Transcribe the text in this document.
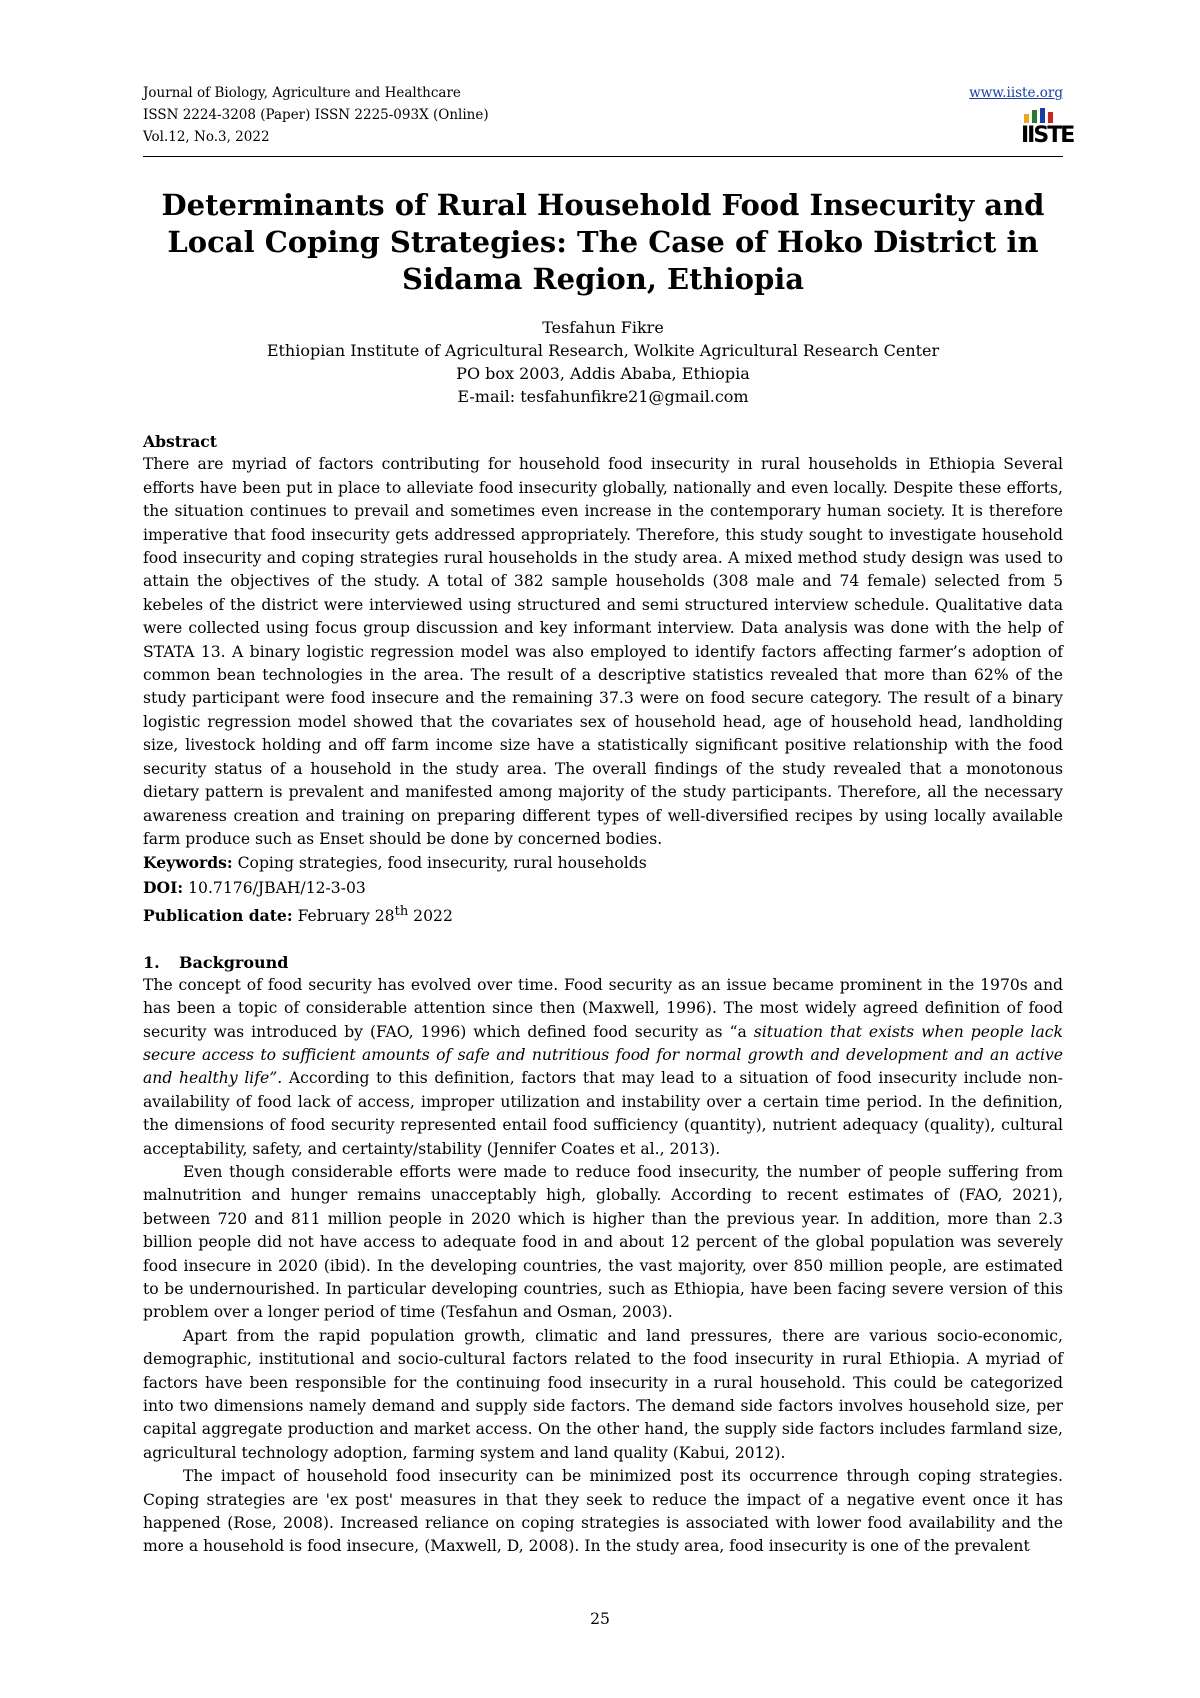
Journal of Biology, Agriculture and Healthcare
ISSN 2224-3208 (Paper) ISSN 2225-093X (Online)
Vol.12, No.3, 2022
www.iiste.org
IISTE
Determinants of Rural Household Food Insecurity and Local Coping Strategies: The Case of Hoko District in Sidama Region, Ethiopia
Tesfahun Fikre
Ethiopian Institute of Agricultural Research, Wolkite Agricultural Research Center
PO box 2003, Addis Ababa, Ethiopia
E-mail: tesfahunfikre21@gmail.com
Abstract
There are myriad of factors contributing for household food insecurity in rural households in Ethiopia Several efforts have been put in place to alleviate food insecurity globally, nationally and even locally. Despite these efforts, the situation continues to prevail and sometimes even increase in the contemporary human society. It is therefore imperative that food insecurity gets addressed appropriately. Therefore, this study sought to investigate household food insecurity and coping strategies rural households in the study area. A mixed method study design was used to attain the objectives of the study. A total of 382 sample households (308 male and 74 female) selected from 5 kebeles of the district were interviewed using structured and semi structured interview schedule. Qualitative data were collected using focus group discussion and key informant interview. Data analysis was done with the help of STATA 13. A binary logistic regression model was also employed to identify factors affecting farmer’s adoption of common bean technologies in the area. The result of a descriptive statistics revealed that more than 62% of the study participant were food insecure and the remaining 37.3 were on food secure category. The result of a binary logistic regression model showed that the covariates sex of household head, age of household head, landholding size, livestock holding and off farm income size have a statistically significant positive relationship with the food security status of a household in the study area. The overall findings of the study revealed that a monotonous dietary pattern is prevalent and manifested among majority of the study participants. Therefore, all the necessary awareness creation and training on preparing different types of well-diversified recipes by using locally available farm produce such as Enset should be done by concerned bodies.
Keywords: Coping strategies, food insecurity, rural households
DOI: 10.7176/JBAH/12-3-03
Publication date: February 28th 2022
1. Background

The concept of food security has evolved over time. Food security as an issue became prominent in the 1970s and has been a topic of considerable attention since then (Maxwell, 1996). The most widely agreed definition of food security was introduced by (FAO, 1996) which defined food security as “a situation that exists when people lack secure access to sufficient amounts of safe and nutritious food for normal growth and development and an active and healthy life”. According to this definition, factors that may lead to a situation of food insecurity include non-availability of food lack of access, improper utilization and instability over a certain time period. In the definition, the dimensions of food security represented entail food sufficiency (quantity), nutrient adequacy (quality), cultural acceptability, safety, and certainty/stability (Jennifer Coates et al., 2013).

Even though considerable efforts were made to reduce food insecurity, the number of people suffering from malnutrition and hunger remains unacceptably high, globally. According to recent estimates of (FAO, 2021), between 720 and 811 million people in 2020 which is higher than the previous year. In addition, more than 2.3 billion people did not have access to adequate food in and about 12 percent of the global population was severely food insecure in 2020 (ibid). In the developing countries, the vast majority, over 850 million people, are estimated to be undernourished. In particular developing countries, such as Ethiopia, have been facing severe version of this problem over a longer period of time (Tesfahun and Osman, 2003).

Apart from the rapid population growth, climatic and land pressures, there are various socio-economic, demographic, institutional and socio-cultural factors related to the food insecurity in rural Ethiopia. A myriad of factors have been responsible for the continuing food insecurity in a rural household. This could be categorized into two dimensions namely demand and supply side factors. The demand side factors involves household size, per capital aggregate production and market access. On the other hand, the supply side factors includes farmland size, agricultural technology adoption, farming system and land quality (Kabui, 2012).

The impact of household food insecurity can be minimized post its occurrence through coping strategies. Coping strategies are 'ex post' measures in that they seek to reduce the impact of a negative event once it has happened (Rose, 2008). Increased reliance on coping strategies is associated with lower food availability and the more a household is food insecure, (Maxwell, D, 2008). In the study area, food insecurity is one of the prevalent

25
